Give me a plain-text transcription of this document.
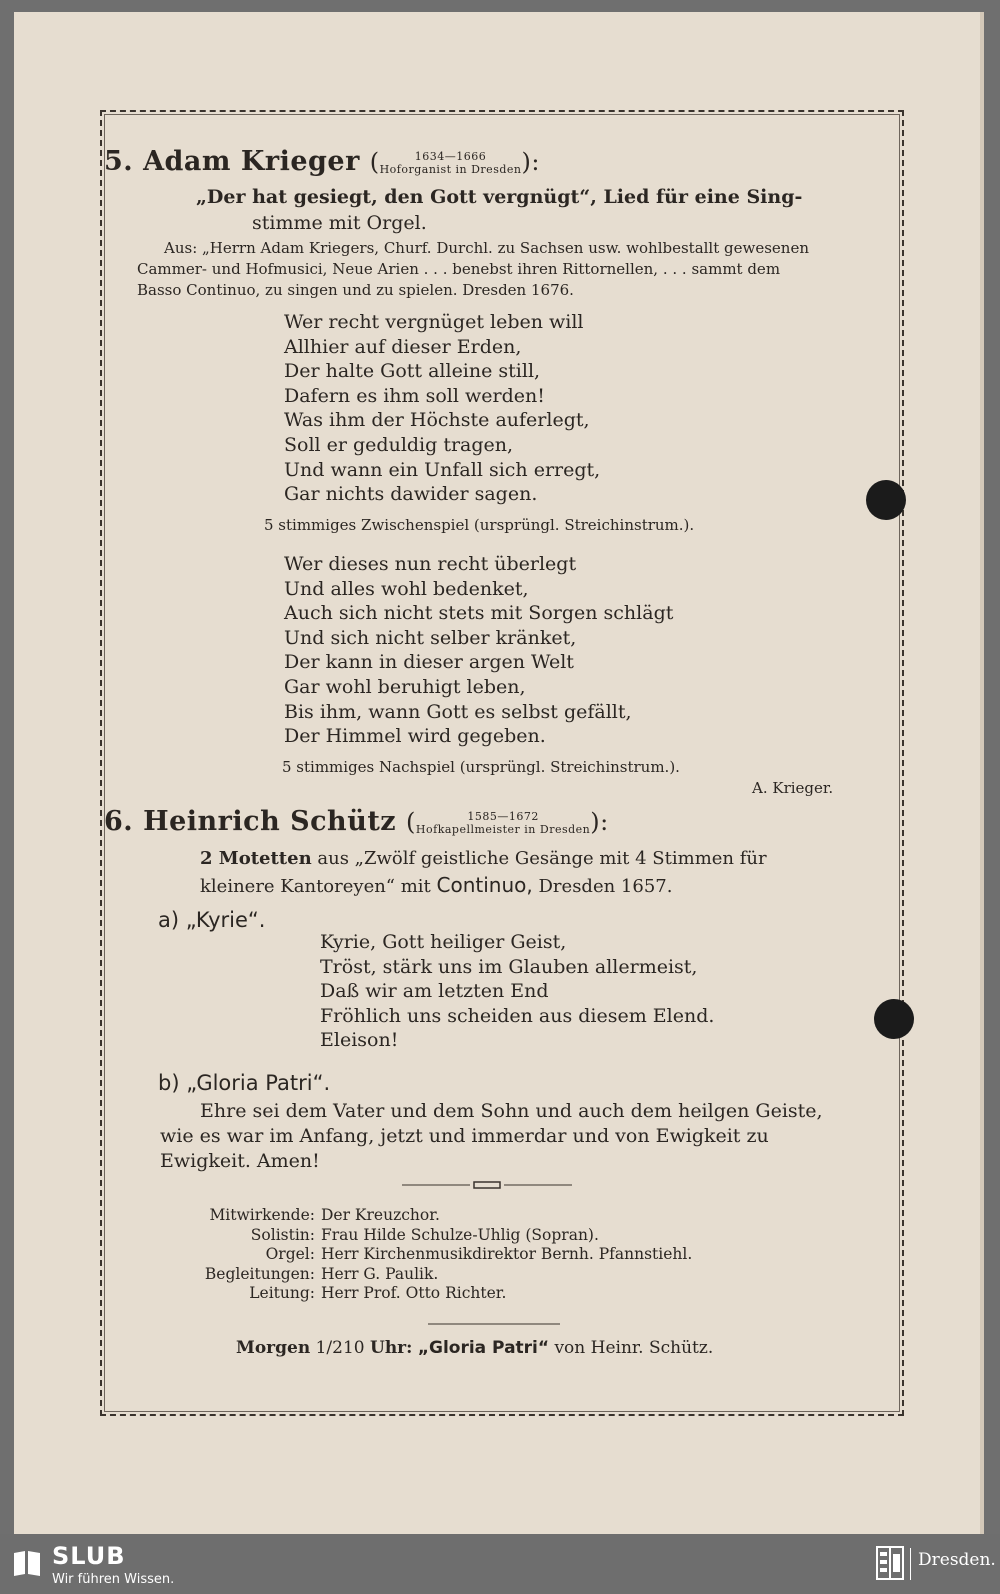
5. Adam Krieger (	1634—1666
Hoforganist in Dresden ):
„Der hat gesiegt, den Gott vergnügt“, Lied für eine Sing-
stimme mit Orgel.
Aus: „Herrn Adam Kriegers, Churf. Durchl. zu Sachsen usw. wohlbestallt gewesenen
Cammer- und Hofmusici, Neue Arien . . . benebst ihren Rittornellen, . . . sammt dem
Basso Continuo, zu singen und zu spielen. Dresden 1676.
Wer recht vergnüget leben will
Allhier auf dieser Erden,
Der halte Gott alleine still,
Dafern es ihm soll werden!
Was ihm der Höchste auferlegt,
Soll er geduldig tragen,
Und wann ein Unfall sich erregt,
Gar nichts dawider sagen.
5 stimmiges Zwischenspiel (ursprüngl. Streichinstrum.).
Wer dieses nun recht überlegt
Und alles wohl bedenket,
Auch sich nicht stets mit Sorgen schlägt
Und sich nicht selber kränket,
Der kann in dieser argen Welt
Gar wohl beruhigt leben,
Bis ihm, wann Gott es selbst gefällt,
Der Himmel wird gegeben.
5 stimmiges Nachspiel (ursprüngl. Streichinstrum.).
A. Krieger.
6. Heinrich Schütz (	1585—1672
Hofkapellmeister in Dresden ):
2 Motetten aus „Zwölf geistliche Gesänge mit 4 Stimmen für
kleinere Kantoreyen“ mit Continuo, Dresden 1657.
a) „Kyrie“.
Kyrie, Gott heiliger Geist,
Tröst, stärk uns im Glauben allermeist,
Daß wir am letzten End
Fröhlich uns scheiden aus diesem Elend.
Eleison!
b) „Gloria Patri“.
Ehre sei dem Vater und dem Sohn und auch dem heilgen Geiste,
wie es war im Anfang, jetzt und immerdar und von Ewigkeit zu
Ewigkeit. Amen!
Mitwirkende: Der Kreuzchor.
Solistin: Frau Hilde Schulze-Uhlig (Sopran).
Orgel: Herr Kirchenmusikdirektor Bernh. Pfannstiehl.
Begleitungen: Herr G. Paulik.
Leitung: Herr Prof. Otto Richter.
Morgen 1/210 Uhr: „Gloria Patri“ von Heinr. Schütz.
SLUB
Wir führen Wissen.
Dresden.
